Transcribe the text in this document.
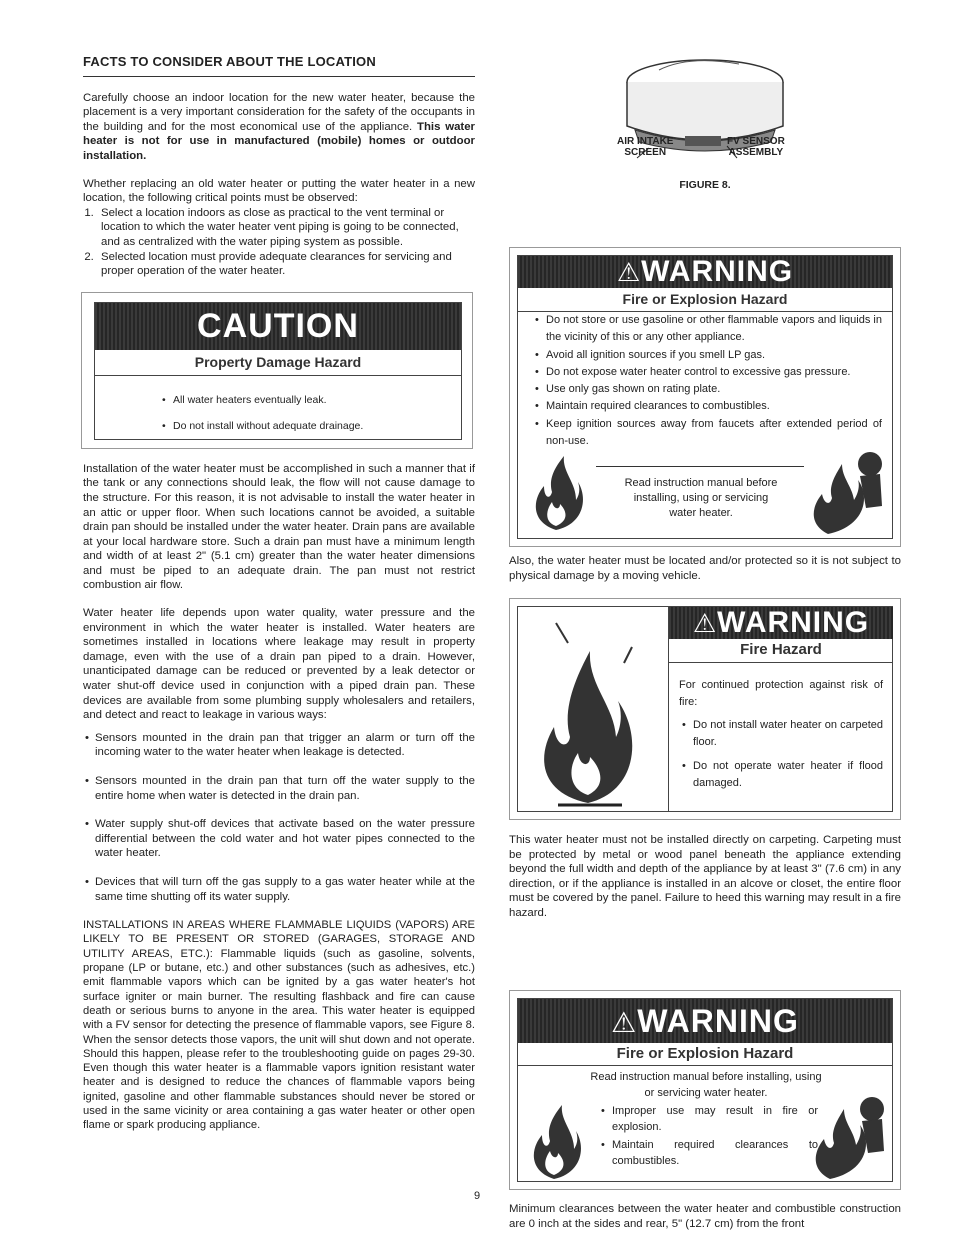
FACTS TO CONSIDER ABOUT THE LOCATION

Carefully choose an indoor location for the new water heater, because the placement is a very important consideration for the safety of the occupants in the building and for the most economical use of the appliance. This water heater is not for use in manufactured (mobile) homes or outdoor installation.

Whether replacing an old water heater or putting the water heater in a new location, the following critical points must be observed:

1. Select a location indoors as close as practical to the vent terminal or location to which the water heater vent piping is going to be connected, and as centralized with the water piping system as possible.
2. Selected location must provide adequate clearances for servicing and proper operation of the water heater.
CAUTION
Property Damage Hazard
• All water heaters eventually leak.
• Do not install without adequate drainage.

Installation of the water heater must be accomplished in such a manner that if the tank or any connections should leak, the flow will not cause damage to the structure. For this reason, it is not advisable to install the water heater in an attic or upper floor. When such locations cannot be avoided, a suitable drain pan should be installed under the water heater. Drain pans are available at your local hardware store. Such a drain pan must have a minimum length and width of at least 2" (5.1 cm) greater than the water heater dimensions and must be piped to an adequate drain. The pan must not restrict combustion air flow.

Water heater life depends upon water quality, water pressure and the environment in which the water heater is installed. Water heaters are sometimes installed in locations where leakage may result in property damage, even with the use of a drain pan piped to a drain. However, unanticipated damage can be reduced or prevented by a leak detector or water shut-off device used in conjunction with a piped drain pan. These devices are available from some plumbing supply wholesalers and retailers, and detect and react to leakage in various ways:

• Sensors mounted in the drain pan that trigger an alarm or turn off the incoming water to the water heater when leakage is detected.
• Sensors mounted in the drain pan that turn off the water supply to the entire home when water is detected in the drain pan.
• Water supply shut-off devices that activate based on the water pressure differential between the cold water and hot water pipes connected to the water heater.
• Devices that will turn off the gas supply to a gas water heater while at the same time shutting off its water supply.

INSTALLATIONS IN AREAS WHERE FLAMMABLE LIQUIDS (VAPORS) ARE LIKELY TO BE PRESENT OR STORED (GARAGES, STORAGE AND UTILITY AREAS, ETC.): Flammable liquids (such as gasoline, solvents, propane (LP or butane, etc.) and other substances (such as adhesives, etc.) emit flammable vapors which can be ignited by a gas water heater's hot surface igniter or main burner. The resulting flashback and fire can cause death or serious burns to anyone in the area. This water heater is equipped with a FV sensor for detecting the presence of flammable vapors, see Figure 8. When the sensor detects those vapors, the unit will shut down and not operate. Should this happen, please refer to the troubleshooting guide on pages 29-30. Even though this water heater is a flammable vapors ignition resistant water heater and is designed to reduce the chances of flammable vapors being ignited, gasoline and other flammable substances should never be stored or used in the same vicinity or area containing a gas water heater or other open flame or spark producing appliance.

AIR INTAKE
SCREEN
FV SENSOR
ASSEMBLY
FIGURE 8.
⚠WARNING
Fire or Explosion Hazard
• Do not store or use gasoline or other flammable vapors and liquids in the vicinity of this or any other appliance.
• Avoid all ignition sources if you smell LP gas.
• Do not expose water heater control to excessive gas pressure.
• Use only gas shown on rating plate.
• Maintain required clearances to combustibles.
• Keep ignition sources away from faucets after extended period of non-use.
Read instruction manual before
installing, using or servicing
water heater.

Also, the water heater must be located and/or protected so it is not subject to physical damage by a moving vehicle.

⚠WARNING
Fire Hazard
For continued protection against risk of fire:
• Do not install water heater on carpeted floor.
• Do not operate water heater if flood damaged.

This water heater must not be installed directly on carpeting. Carpeting must be protected by metal or wood panel beneath the appliance extending beyond the full width and depth of the appliance by at least 3" (7.6 cm) in any direction, or if the appliance is installed in an alcove or closet, the entire floor must be covered by the panel. Failure to heed this warning may result in a fire hazard.

⚠WARNING
Fire or Explosion Hazard
Read instruction manual before installing, using or servicing water heater.
• Improper use may result in fire or explosion.
• Maintain required clearances to combustibles.

Minimum clearances between the water heater and combustible construction are 0 inch at the sides and rear, 5" (12.7 cm) from the front

9
